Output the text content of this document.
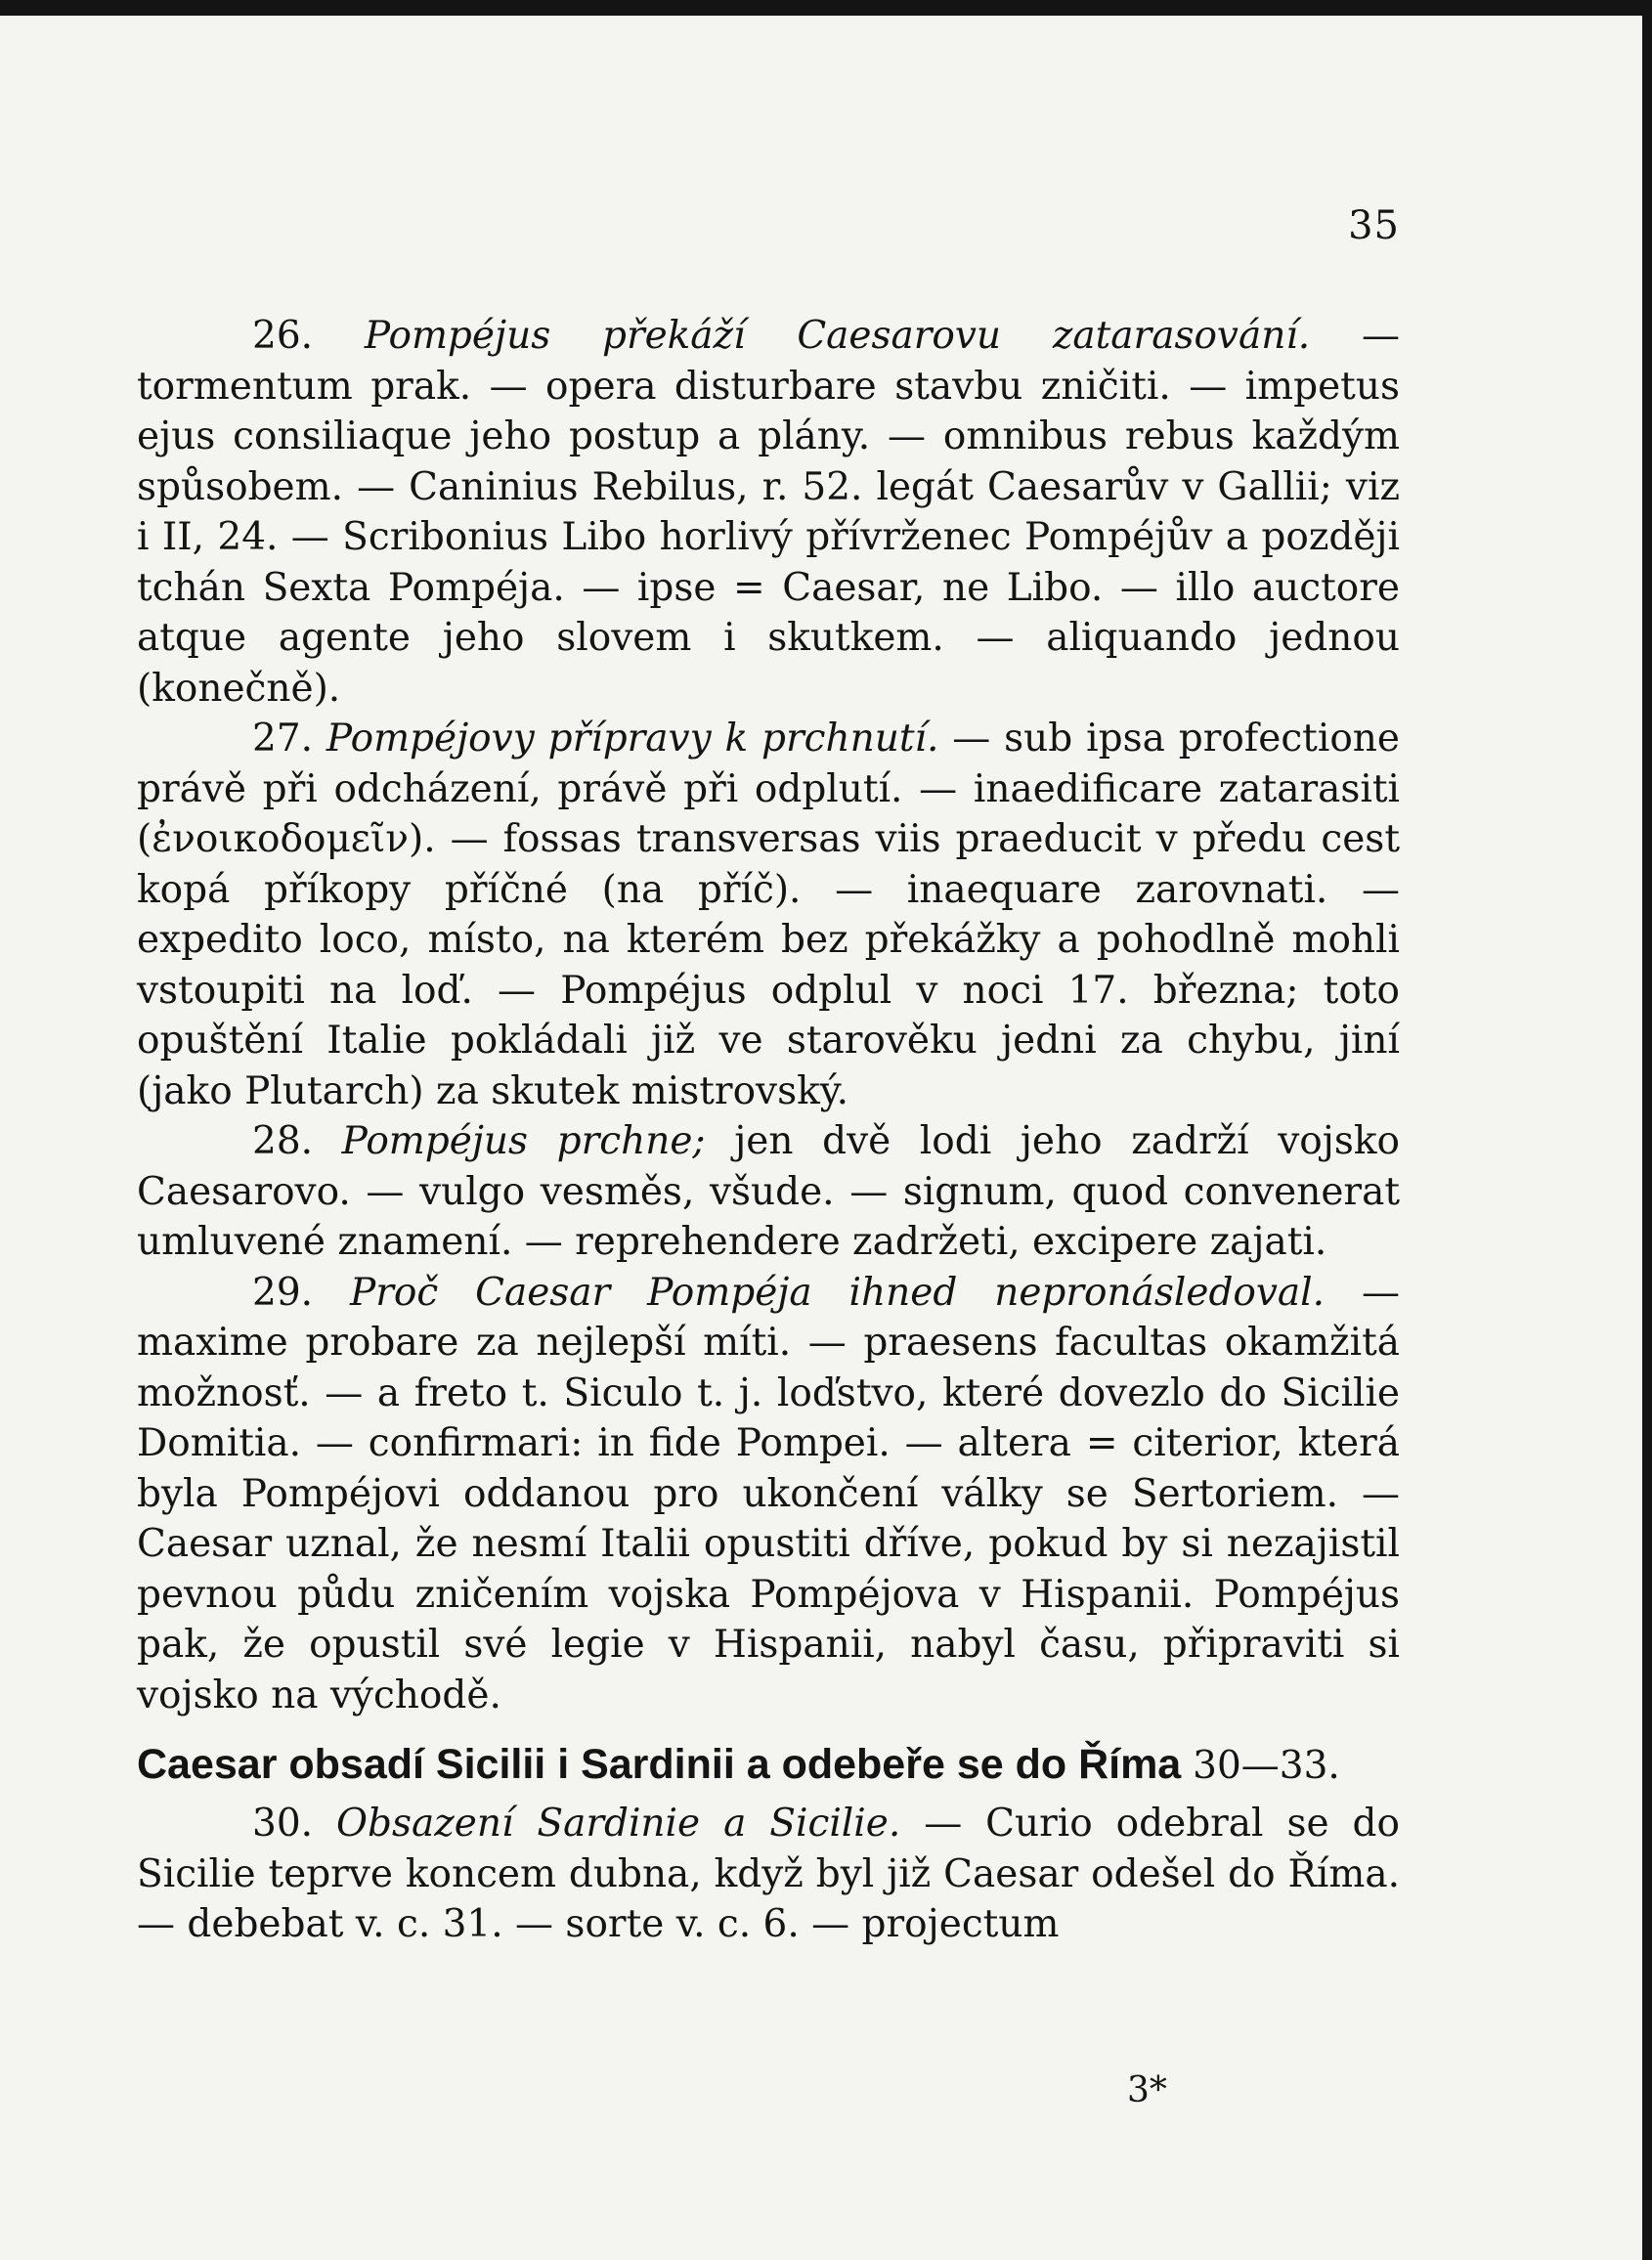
35

26. Pompéjus překáží Caesarovu zatarasování. — tormentum prak. — opera disturbare stavbu zničiti. — impetus ejus consiliaque jeho postup a plány. — omnibus rebus každým spůsobem. — Caninius Rebilus, r. 52. legát Caesarův v Gallii; viz i II, 24. — Scribonius Libo horlivý přívrženec Pompéjův a později tchán Sexta Pompéja. — ipse = Caesar, ne Libo. — illo auctore atque agente jeho slovem i skutkem. — aliquando jednou (konečně).

27. Pompéjovy přípravy k prchnutí. — sub ipsa profectione právě při odcházení, právě při odplutí. — inaedificare zatarasiti (ἐνοικοδομεῖν). — fossas transversas viis praeducit v předu cest kopá příkopy příčné (na příč). — inaequare zarovnati. — expedito loco, místo, na kterém bez překážky a pohodlně mohli vstoupiti na loď. — Pompéjus odplul v noci 17. března; toto opuštění Italie pokládali již ve starověku jedni za chybu, jiní (jako Plutarch) za skutek mistrovský.

28. Pompéjus prchne; jen dvě lodi jeho zadrží vojsko Caesarovo. — vulgo vesměs, všude. — signum, quod convenerat umluvené znamení. — reprehendere zadržeti, excipere zajati.

29. Proč Caesar Pompéja ihned nepronásledoval. — maxime probare za nejlepší míti. — praesens facultas okamžitá možnosť. — a freto t. Siculo t. j. loďstvo, které dovezlo do Sicilie Domitia. — confirmari: in fide Pompei. — altera = citerior, která byla Pompéjovi oddanou pro ukončení války se Sertoriem. — Caesar uznal, že nesmí Italii opustiti dříve, pokud by si nezajistil pevnou půdu zničením vojska Pompéjova v Hispanii. Pompéjus pak, že opustil své legie v Hispanii, nabyl času, připraviti si vojsko na východě.

Caesar obsadí Sicilii i Sardinii a odebeře se do Říma 30—33.

30. Obsazení Sardinie a Sicilie. — Curio odebral se do Sicilie teprve koncem dubna, když byl již Caesar odešel do Říma. — debebat v. c. 31. — sorte v. c. 6. — projectum

3*
